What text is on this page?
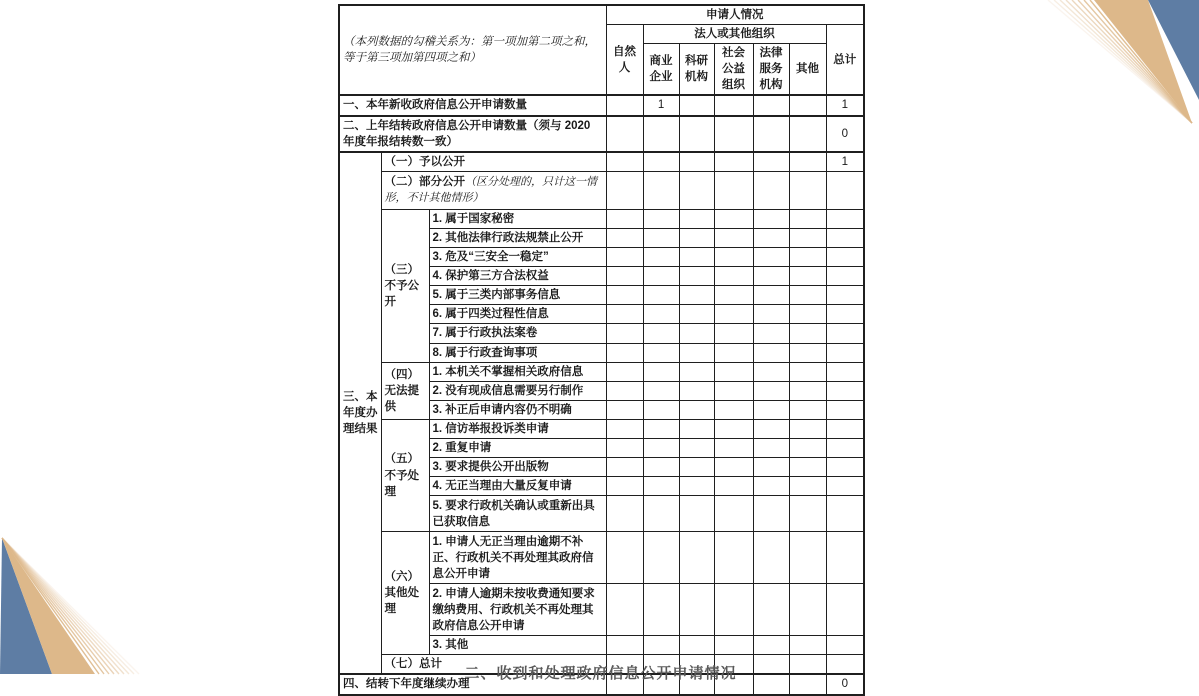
（本列数据的勾稽关系为：第一项加第二项之和，等于第三项加第四项之和）			申请人情况						
			自然人	法人或其他组织					总计
				商业企业	科研机构	社会公益组织	法律服务机构	其他	
一、本年新收政府信息公开申请数量				1					1
二、上年结转政府信息公开申请数量（须与 2020 年度年报结转数一致）									0
三、本年度办理结果	（一）予以公开								1
	（二）部分公开（区分处理的，只计这一情形，不计其他情形）								
	（三）不予公开	1. 属于国家秘密							
		2. 其他法律行政法规禁止公开							
		3. 危及“三安全一稳定”							
		4. 保护第三方合法权益							
		5. 属于三类内部事务信息							
		6. 属于四类过程性信息							
		7. 属于行政执法案卷							
		8. 属于行政查询事项							
	（四）无法提供	1. 本机关不掌握相关政府信息							
		2. 没有现成信息需要另行制作							
		3. 补正后申请内容仍不明确							
	（五）不予处理	1. 信访举报投诉类申请							
		2. 重复申请							
		3. 要求提供公开出版物							
		4. 无正当理由大量反复申请							
		5. 要求行政机关确认或重新出具已获取信息							
	（六）其他处理	1. 申请人无正当理由逾期不补正、行政机关不再处理其政府信息公开申请							
		2. 申请人逾期未按收费通知要求缴纳费用、行政机关不再处理其政府信息公开申请							
		3. 其他							
	（七）总计								
四、结转下年度继续办理									0
二、收到和处理政府信息公开申请情况
